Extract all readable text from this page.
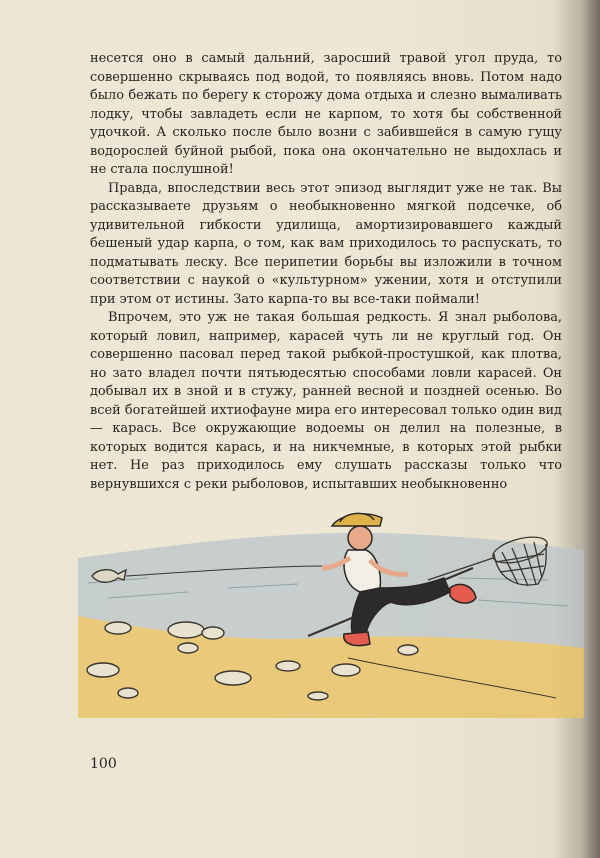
несется оно в самый дальний, заросший травой угол пруда, то совершенно скрываясь под водой, то появляясь вновь. Потом надо было бежать по берегу к сторожу дома отдыха и слезно вымаливать лодку, чтобы завладеть если не карпом, то хотя бы собственной удочкой. А сколько после было возни с забившейся в самую гущу водорослей буйной рыбой, пока она окончательно не выдохлась и не стала послушной!

Правда, впоследствии весь этот эпизод выглядит уже не так. Вы рассказываете друзьям о необыкновенно мягкой подсечке, об удивительной гибкости удилища, амортизировавшего каждый бешеный удар карпа, о том, как вам приходилось то распускать, то подматывать леску. Все перипетии борьбы вы изложили в точном соответствии с наукой о «культурном» ужении, хотя и отступили при этом от истины. Зато карпа-то вы все-таки поймали!

Впрочем, это уж не такая большая редкость. Я знал рыболова, который ловил, например, карасей чуть ли не круглый год. Он совершенно пасовал перед такой рыбкой-простушкой, как плотва, но зато владел почти пятьюдесятью способами ловли карасей. Он добывал их в зной и в стужу, ранней весной и поздней осенью. Во всей богатейшей ихтиофауне мира его интересовал только один вид — карась. Все окружающие водоемы он делил на полезные, в которых водится карась, и на никчемные, в которых этой рыбки нет. Не раз приходилось ему слушать рассказы только что вернувшихся с реки рыболовов, испытавших необыкновенно

100
